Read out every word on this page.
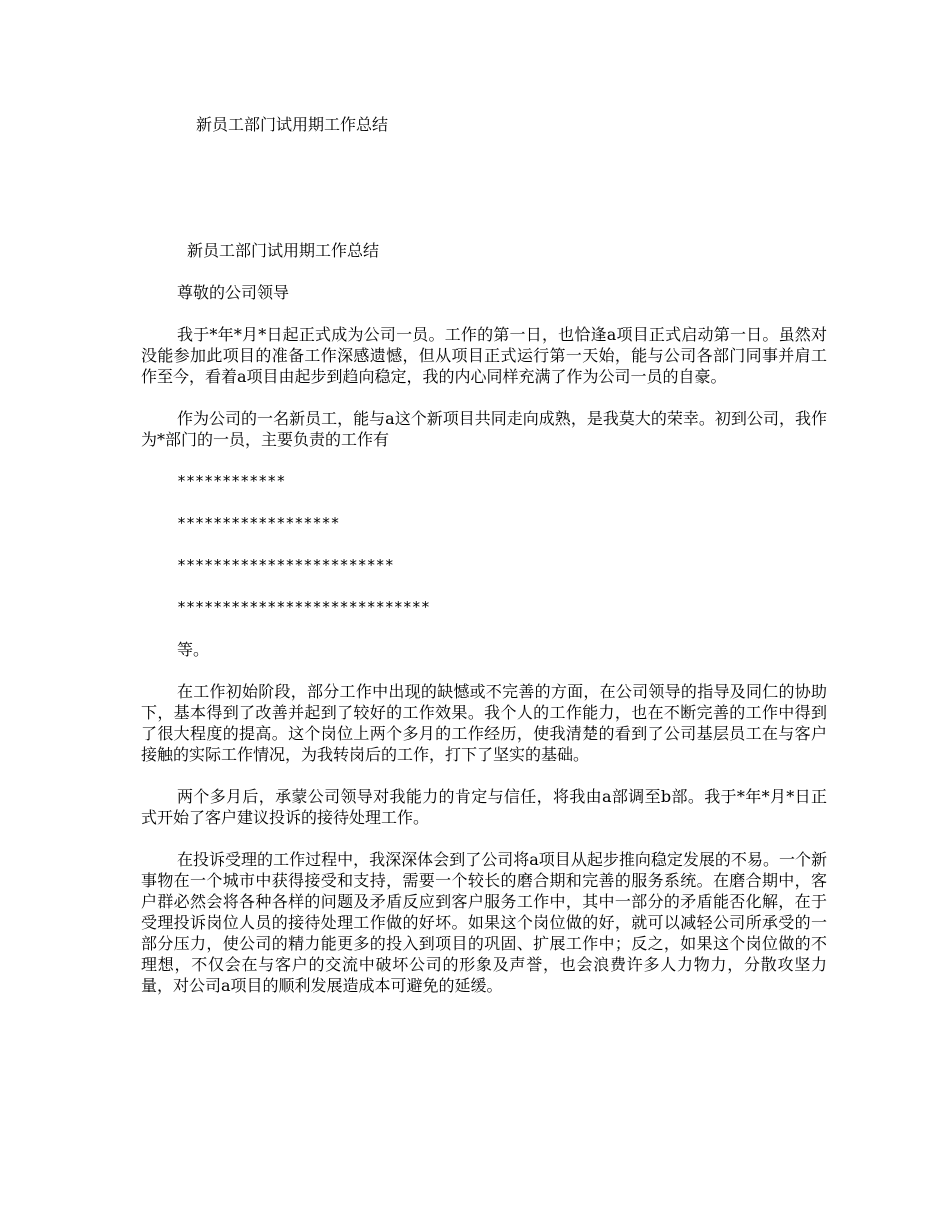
新员工部门试用期工作总结
新员工部门试用期工作总结

尊敬的公司领导

我于*年*月*日起正式成为公司一员。工作的第一日，也恰逢a项目正式启动第一日。虽然对没能参加此项目的准备工作深感遗憾，但从项目正式运行第一天始，能与公司各部门同事并肩工作至今，看着a项目由起步到趋向稳定，我的内心同样充满了作为公司一员的自豪。

作为公司的一名新员工，能与a这个新项目共同走向成熟，是我莫大的荣幸。初到公司，我作为*部门的一员，主要负责的工作有

************

******************

************************

****************************

等。

在工作初始阶段，部分工作中出现的缺憾或不完善的方面，在公司领导的指导及同仁的协助下，基本得到了改善并起到了较好的工作效果。我个人的工作能力，也在不断完善的工作中得到了很大程度的提高。这个岗位上两个多月的工作经历，使我清楚的看到了公司基层员工在与客户接触的实际工作情况，为我转岗后的工作，打下了坚实的基础。

两个多月后，承蒙公司领导对我能力的肯定与信任，将我由a部调至b部。我于*年*月*日正式开始了客户建议投诉的接待处理工作。

在投诉受理的工作过程中，我深深体会到了公司将a项目从起步推向稳定发展的不易。一个新事物在一个城市中获得接受和支持，需要一个较长的磨合期和完善的服务系统。在磨合期中，客户群必然会将各种各样的问题及矛盾反应到客户服务工作中，其中一部分的矛盾能否化解，在于受理投诉岗位人员的接待处理工作做的好坏。如果这个岗位做的好，就可以减轻公司所承受的一部分压力，使公司的精力能更多的投入到项目的巩固、扩展工作中；反之，如果这个岗位做的不理想，不仅会在与客户的交流中破坏公司的形象及声誉，也会浪费许多人力物力，分散攻坚力量，对公司a项目的顺利发展造成本可避免的延缓。
